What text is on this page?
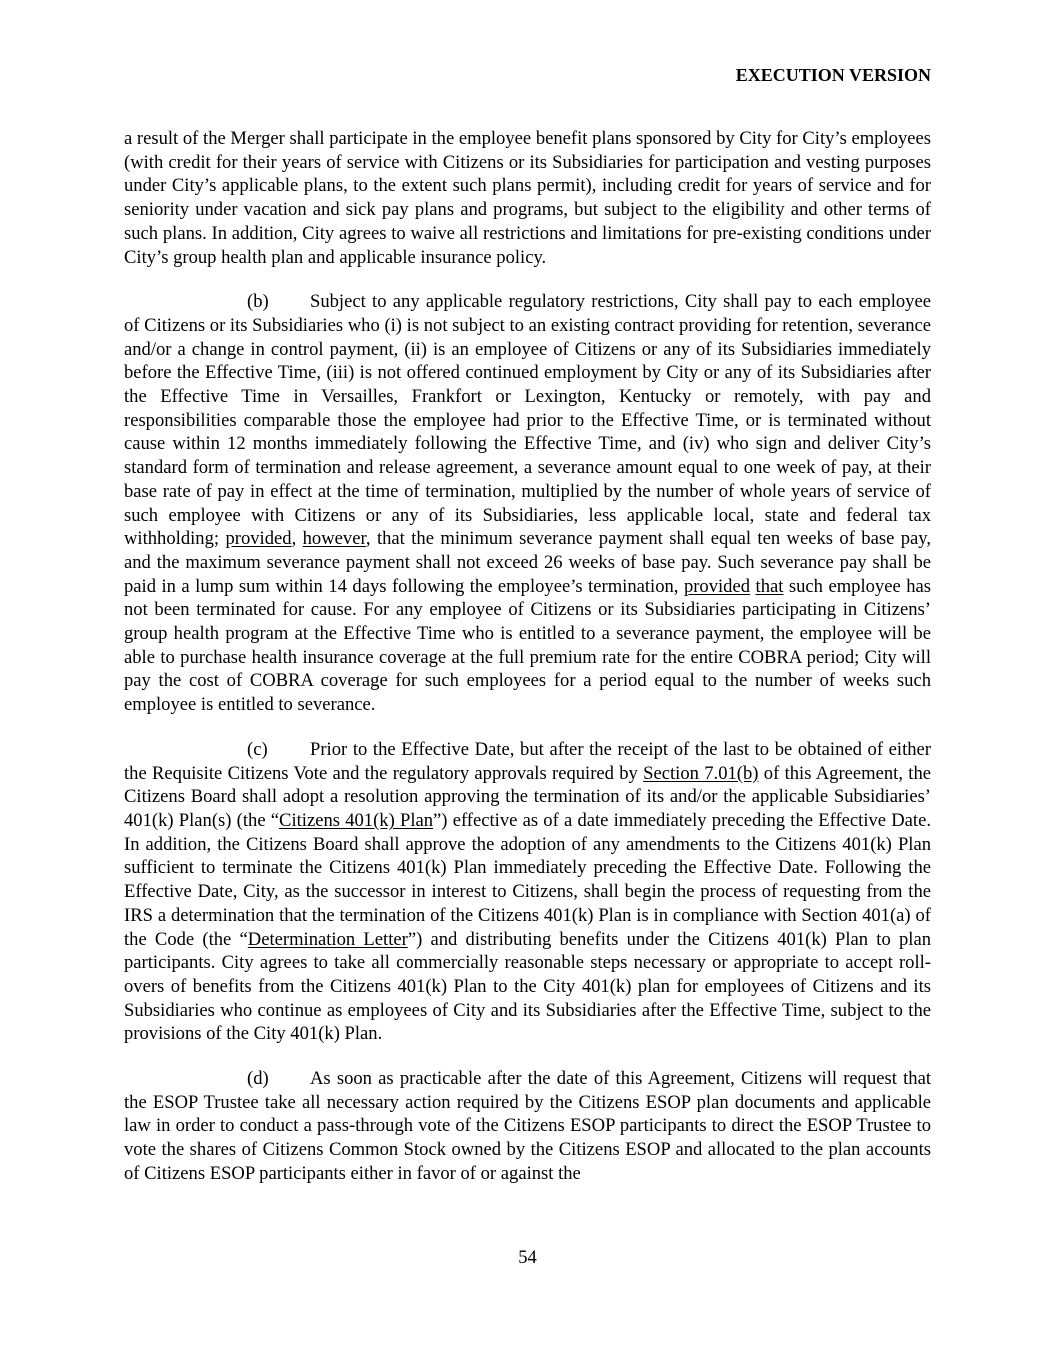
EXECUTION VERSION

a result of the Merger shall participate in the employee benefit plans sponsored by City for City’s employees (with credit for their years of service with Citizens or its Subsidiaries for participation and vesting purposes under City’s applicable plans, to the extent such plans permit), including credit for years of service and for seniority under vacation and sick pay plans and programs, but subject to the eligibility and other terms of such plans. In addition, City agrees to waive all restrictions and limitations for pre-existing conditions under City’s group health plan and applicable insurance policy.

(b) Subject to any applicable regulatory restrictions, City shall pay to each employee of Citizens or its Subsidiaries who (i) is not subject to an existing contract providing for retention, severance and/or a change in control payment, (ii) is an employee of Citizens or any of its Subsidiaries immediately before the Effective Time, (iii) is not offered continued employment by City or any of its Subsidiaries after the Effective Time in Versailles, Frankfort or Lexington, Kentucky or remotely, with pay and responsibilities comparable those the employee had prior to the Effective Time, or is terminated without cause within 12 months immediately following the Effective Time, and (iv) who sign and deliver City’s standard form of termination and release agreement, a severance amount equal to one week of pay, at their base rate of pay in effect at the time of termination, multiplied by the number of whole years of service of such employee with Citizens or any of its Subsidiaries, less applicable local, state and federal tax withholding; provided, however, that the minimum severance payment shall equal ten weeks of base pay, and the maximum severance payment shall not exceed 26 weeks of base pay. Such severance pay shall be paid in a lump sum within 14 days following the employee’s termination, provided that such employee has not been terminated for cause. For any employee of Citizens or its Subsidiaries participating in Citizens’ group health program at the Effective Time who is entitled to a severance payment, the employee will be able to purchase health insurance coverage at the full premium rate for the entire COBRA period; City will pay the cost of COBRA coverage for such employees for a period equal to the number of weeks such employee is entitled to severance.

(c) Prior to the Effective Date, but after the receipt of the last to be obtained of either the Requisite Citizens Vote and the regulatory approvals required by Section 7.01(b) of this Agreement, the Citizens Board shall adopt a resolution approving the termination of its and/or the applicable Subsidiaries’ 401(k) Plan(s) (the “Citizens 401(k) Plan”) effective as of a date immediately preceding the Effective Date. In addition, the Citizens Board shall approve the adoption of any amendments to the Citizens 401(k) Plan sufficient to terminate the Citizens 401(k) Plan immediately preceding the Effective Date. Following the Effective Date, City, as the successor in interest to Citizens, shall begin the process of requesting from the IRS a determination that the termination of the Citizens 401(k) Plan is in compliance with Section 401(a) of the Code (the “Determination Letter”) and distributing benefits under the Citizens 401(k) Plan to plan participants. City agrees to take all commercially reasonable steps necessary or appropriate to accept roll-overs of benefits from the Citizens 401(k) Plan to the City 401(k) plan for employees of Citizens and its Subsidiaries who continue as employees of City and its Subsidiaries after the Effective Time, subject to the provisions of the City 401(k) Plan.

(d) As soon as practicable after the date of this Agreement, Citizens will request that the ESOP Trustee take all necessary action required by the Citizens ESOP plan documents and applicable law in order to conduct a pass-through vote of the Citizens ESOP participants to direct the ESOP Trustee to vote the shares of Citizens Common Stock owned by the Citizens ESOP and allocated to the plan accounts of Citizens ESOP participants either in favor of or against the

54
